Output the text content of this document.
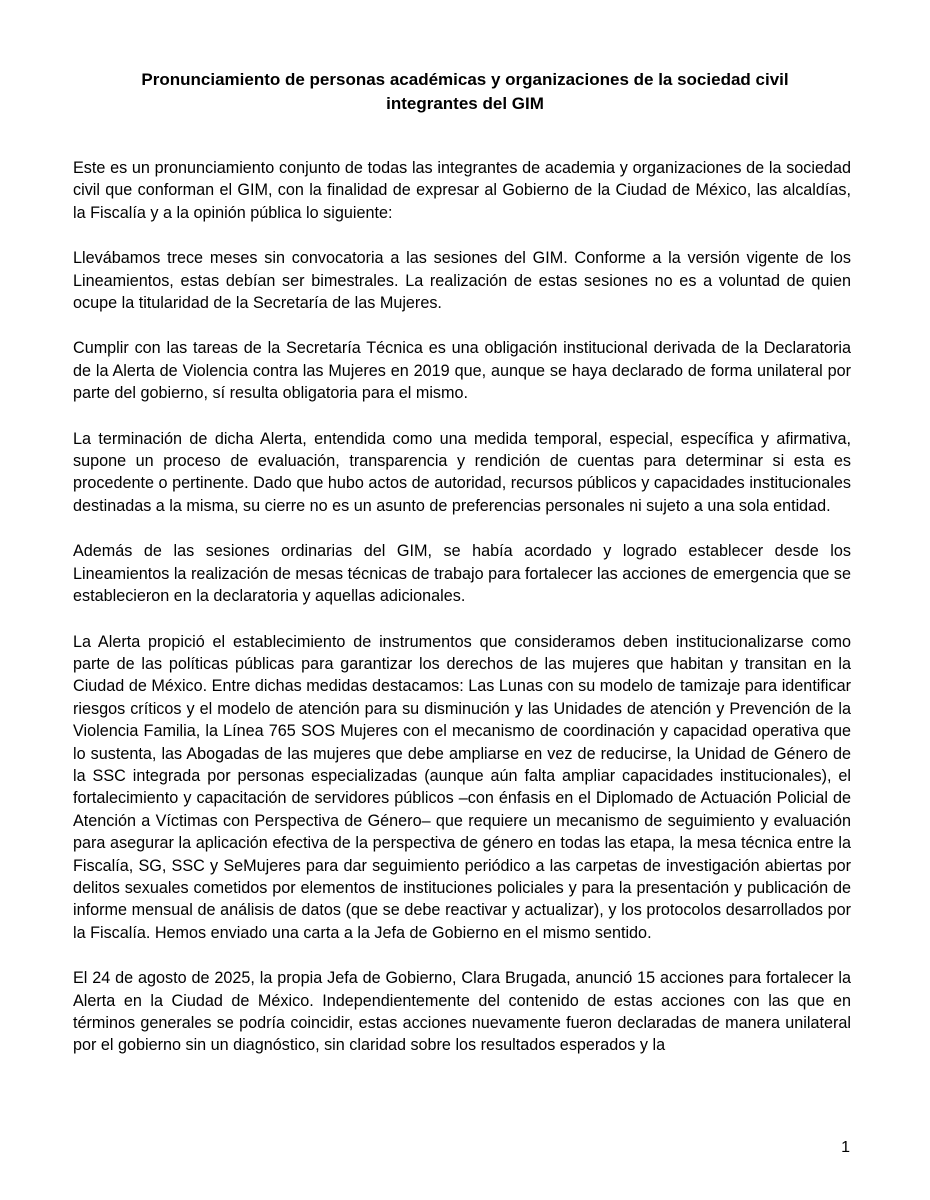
Pronunciamiento de personas académicas y organizaciones de la sociedad civil
integrantes del GIM

Este es un pronunciamiento conjunto de todas las integrantes de academia y organizaciones de la sociedad civil que conforman el GIM, con la finalidad de expresar al Gobierno de la Ciudad de México, las alcaldías, la Fiscalía y a la opinión pública lo siguiente:

Llevábamos trece meses sin convocatoria a las sesiones del GIM. Conforme a la versión vigente de los Lineamientos, estas debían ser bimestrales. La realización de estas sesiones no es a voluntad de quien ocupe la titularidad de la Secretaría de las Mujeres.

Cumplir con las tareas de la Secretaría Técnica es una obligación institucional derivada de la Declaratoria de la Alerta de Violencia contra las Mujeres en 2019 que, aunque se haya declarado de forma unilateral por parte del gobierno, sí resulta obligatoria para el mismo.

La terminación de dicha Alerta, entendida como una medida temporal, especial, específica y afirmativa, supone un proceso de evaluación, transparencia y rendición de cuentas para determinar si esta es procedente o pertinente. Dado que hubo actos de autoridad, recursos públicos y capacidades institucionales destinadas a la misma, su cierre no es un asunto de preferencias personales ni sujeto a una sola entidad.

Además de las sesiones ordinarias del GIM, se había acordado y logrado establecer desde los Lineamientos la realización de mesas técnicas de trabajo para fortalecer las acciones de emergencia que se establecieron en la declaratoria y aquellas adicionales.

La Alerta propició el establecimiento de instrumentos que consideramos deben institucionalizarse como parte de las políticas públicas para garantizar los derechos de las mujeres que habitan y transitan en la Ciudad de México. Entre dichas medidas destacamos: Las Lunas con su modelo de tamizaje para identificar riesgos críticos y el modelo de atención para su disminución y las Unidades de atención y Prevención de la Violencia Familia, la Línea 765 SOS Mujeres con el mecanismo de coordinación y capacidad operativa que lo sustenta, las Abogadas de las mujeres que debe ampliarse en vez de reducirse, la Unidad de Género de la SSC integrada por personas especializadas (aunque aún falta ampliar capacidades institucionales), el fortalecimiento y capacitación de servidores públicos –con énfasis en el Diplomado de Actuación Policial de Atención a Víctimas con Perspectiva de Género– que requiere un mecanismo de seguimiento y evaluación para asegurar la aplicación efectiva de la perspectiva de género en todas las etapa, la mesa técnica entre la Fiscalía, SG, SSC y SeMujeres para dar seguimiento periódico a las carpetas de investigación abiertas por delitos sexuales cometidos por elementos de instituciones policiales y para la presentación y publicación de informe mensual de análisis de datos (que se debe reactivar y actualizar), y los protocolos desarrollados por la Fiscalía. Hemos enviado una carta a la Jefa de Gobierno en el mismo sentido.

El 24 de agosto de 2025, la propia Jefa de Gobierno, Clara Brugada, anunció 15 acciones para fortalecer la Alerta en la Ciudad de México. Independientemente del contenido de estas acciones con las que en términos generales se podría coincidir, estas acciones nuevamente fueron declaradas de manera unilateral por el gobierno sin un diagnóstico, sin claridad sobre los resultados esperados y la

1
